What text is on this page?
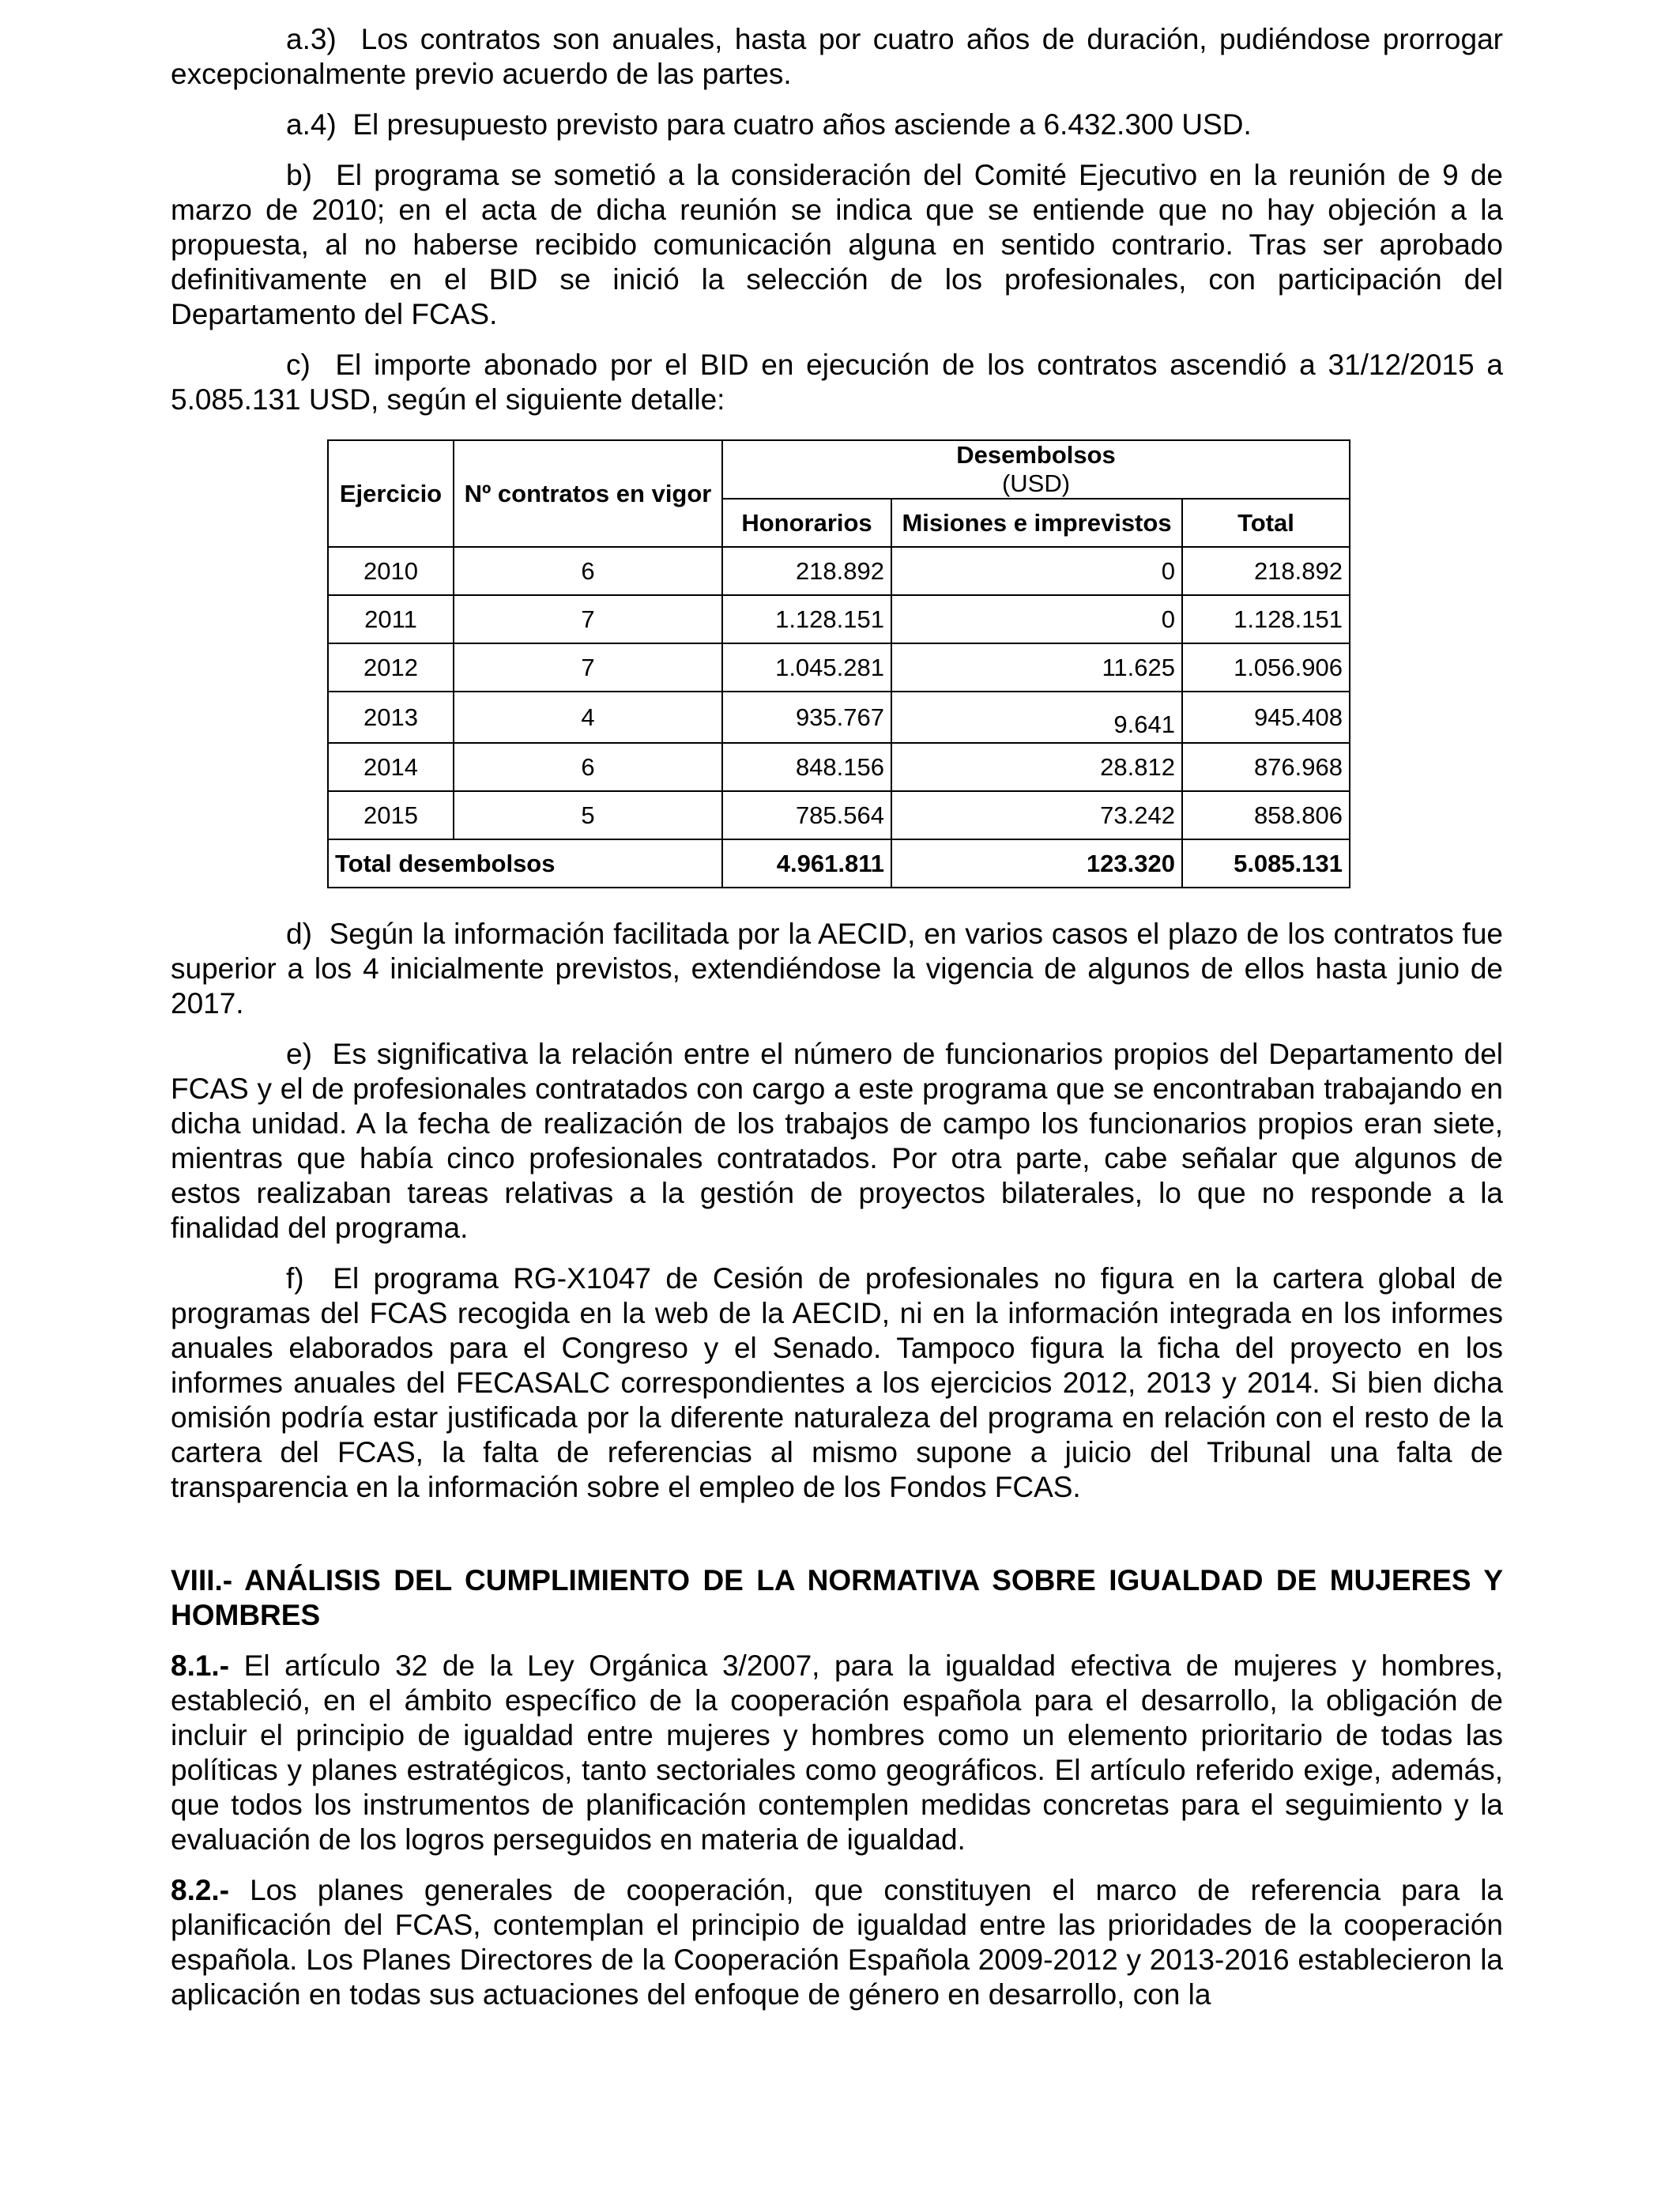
a.3)  Los contratos son anuales, hasta por cuatro años de duración, pudiéndose prorrogar excepcionalmente previo acuerdo de las partes.

a.4)  El presupuesto previsto para cuatro años asciende a 6.432.300 USD.

b)  El programa se sometió a la consideración del Comité Ejecutivo en la reunión de 9 de marzo de 2010; en el acta de dicha reunión se indica que se entiende que no hay objeción a la propuesta, al no haberse recibido comunicación alguna en sentido contrario. Tras ser aprobado definitivamente en el BID se inició la selección de los profesionales, con participación del Departamento del FCAS.

c)  El importe abonado por el BID en ejecución de los contratos ascendió a 31/12/2015 a 5.085.131 USD, según el siguiente detalle:

Ejercicio	Nº contratos en vigor	Desembolsos
(USD)		

		Honorarios	Misiones e imprevistos	Total
2010	6	218.892	0	218.892
2011	7	1.128.151	0	1.128.151
2012	7	1.045.281	11.625	1.056.906
2013	4	935.767	9.641	945.408
2014	6	848.156	28.812	876.968
2015	5	785.564	73.242	858.806
Total desembolsos		4.961.811	123.320	5.085.131

d)  Según la información facilitada por la AECID, en varios casos el plazo de los contratos fue superior a los 4 inicialmente previstos, extendiéndose la vigencia de algunos de ellos hasta junio de 2017.

e)  Es significativa la relación entre el número de funcionarios propios del Departamento del FCAS y el de profesionales contratados con cargo a este programa que se encontraban trabajando en dicha unidad. A la fecha de realización de los trabajos de campo los funcionarios propios eran siete, mientras que había cinco profesionales contratados. Por otra parte, cabe señalar que algunos de estos realizaban tareas relativas a la gestión de proyectos bilaterales, lo que no responde a la finalidad del programa.

f)  El programa RG-X1047 de Cesión de profesionales no figura en la cartera global de programas del FCAS recogida en la web de la AECID, ni en la información integrada en los informes anuales elaborados para el Congreso y el Senado. Tampoco figura la ficha del proyecto en los informes anuales del FECASALC correspondientes a los ejercicios 2012, 2013 y 2014. Si bien dicha omisión podría estar justificada por la diferente naturaleza del programa en relación con el resto de la cartera del FCAS, la falta de referencias al mismo supone a juicio del Tribunal una falta de transparencia en la información sobre el empleo de los Fondos FCAS.

VIII.- ANÁLISIS DEL CUMPLIMIENTO DE LA NORMATIVA SOBRE IGUALDAD DE MUJERES Y HOMBRES

8.1.- El artículo 32 de la Ley Orgánica 3/2007, para la igualdad efectiva de mujeres y hombres, estableció, en el ámbito específico de la cooperación española para el desarrollo, la obligación de incluir el principio de igualdad entre mujeres y hombres como un elemento prioritario de todas las políticas y planes estratégicos, tanto sectoriales como geográficos. El artículo referido exige, además, que todos los instrumentos de planificación contemplen medidas concretas para el seguimiento y la evaluación de los logros perseguidos en materia de igualdad.

8.2.- Los planes generales de cooperación, que constituyen el marco de referencia para la planificación del FCAS, contemplan el principio de igualdad entre las prioridades de la cooperación española. Los Planes Directores de la Cooperación Española 2009-2012 y 2013-2016 establecieron la aplicación en todas sus actuaciones del enfoque de género en desarrollo, con la
